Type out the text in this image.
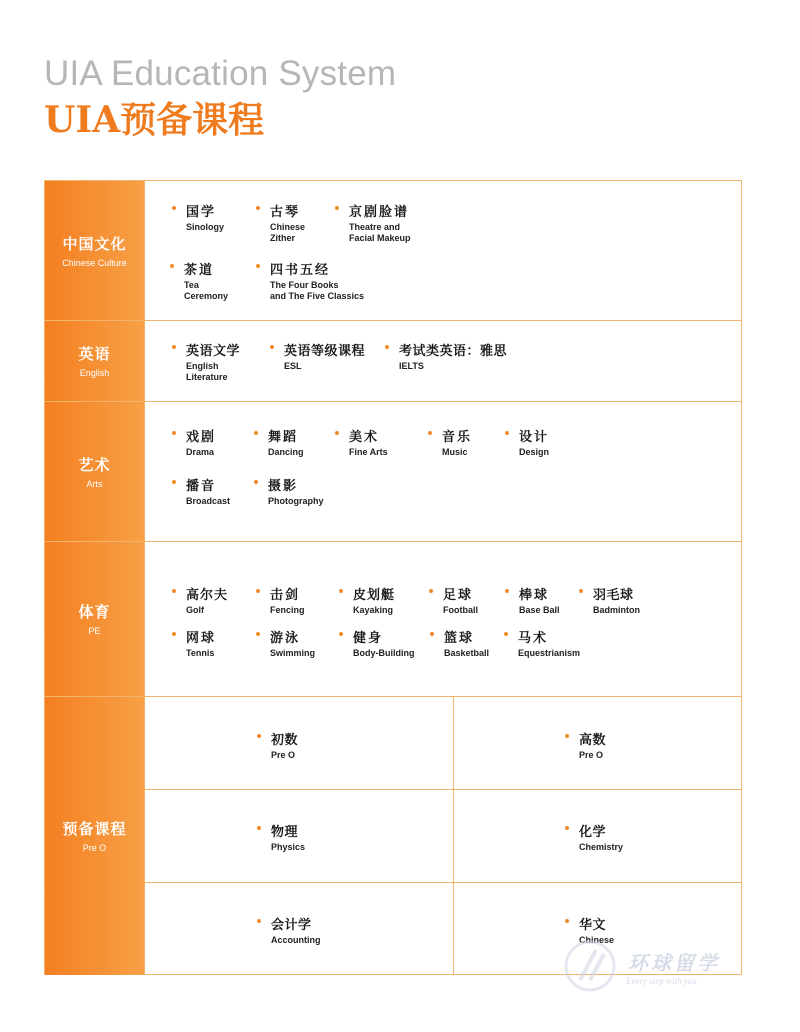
UIA Education System
UIA预备课程
中国文化
Chinese Culture
英语
English
艺术
Arts
体育
PE
预备课程
Pre O
国学
Sinology
古琴
Chinese
Zither
京剧脸谱
Theatre and
Facial Makeup
茶道
Tea
Ceremony
四书五经
The Four Books
and The Five Classics
英语文学
English
Literature
英语等级课程
ESL
考试类英语：雅思
IELTS
戏剧
Drama
舞蹈
Dancing
美术
Fine Arts
音乐
Music
设计
Design
播音
Broadcast
摄影
Photography
高尔夫
Golf
击剑
Fencing
皮划艇
Kayaking
足球
Football
棒球
Base Ball
羽毛球
Badminton
网球
Tennis
游泳
Swimming
健身
Body-Building
篮球
Basketball
马术
Equestrianism
初数
Pre O
高数
Pre O
物理
Physics
化学
Chemistry
会计学
Accounting
华文
Chinese
环球留学
Every step with you
